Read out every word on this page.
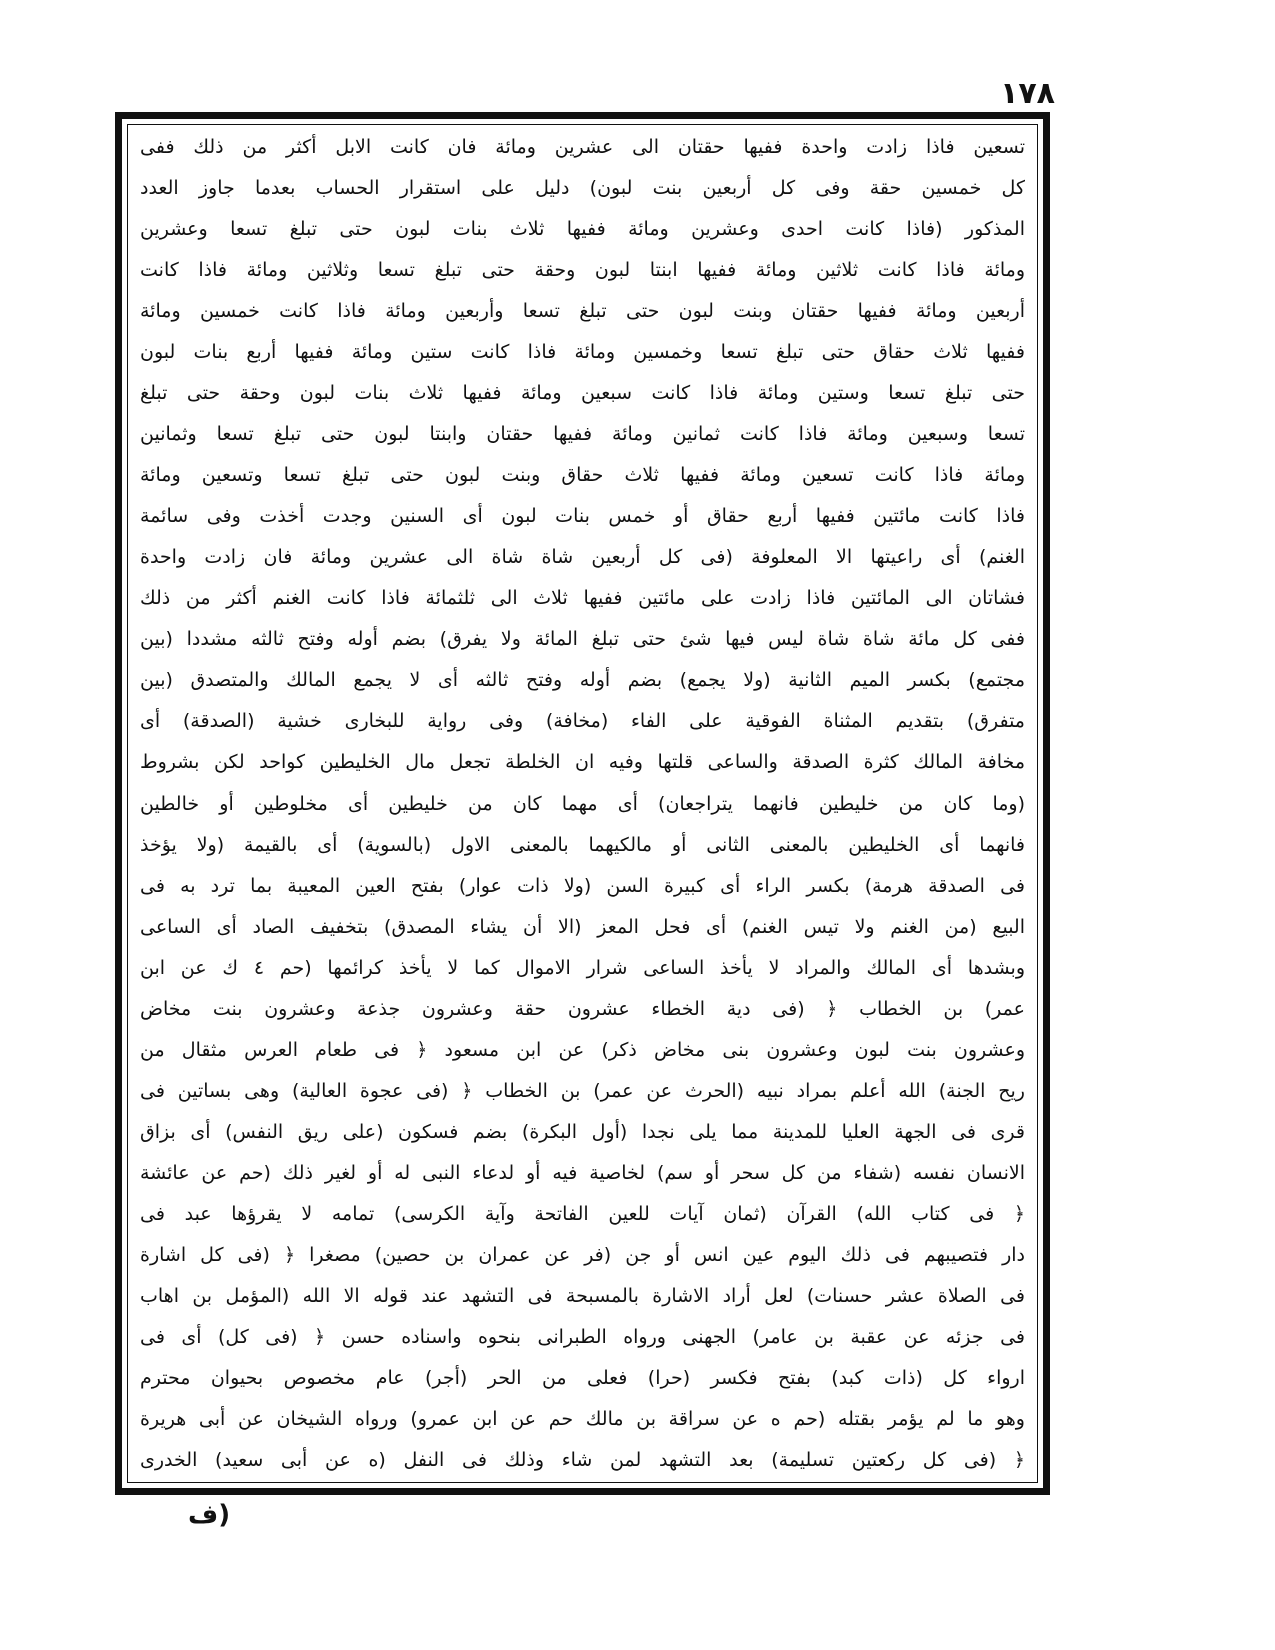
١٧٨
تسعين فاذا زادت واحدة ففيها حقتان الى عشرين ومائة فان كانت الابل أكثر من ذلك ففى
كل خمسين حقة وفى كل أربعين بنت لبون) دليل على استقرار الحساب بعدما جاوز العدد
المذكور (فاذا كانت احدى وعشرين ومائة ففيها ثلاث بنات لبون حتى تبلغ تسعا وعشرين
ومائة فاذا كانت ثلاثين ومائة ففيها ابنتا لبون وحقة حتى تبلغ تسعا وثلاثين ومائة فاذا كانت
أربعين ومائة ففيها حقتان وبنت لبون حتى تبلغ تسعا وأربعين ومائة فاذا كانت خمسين ومائة
ففيها ثلاث حقاق حتى تبلغ تسعا وخمسين ومائة فاذا كانت ستين ومائة ففيها أربع بنات لبون
حتى تبلغ تسعا وستين ومائة فاذا كانت سبعين ومائة ففيها ثلاث بنات لبون وحقة حتى تبلغ
تسعا وسبعين ومائة فاذا كانت ثمانين ومائة ففيها حقتان وابنتا لبون حتى تبلغ تسعا وثمانين
ومائة فاذا كانت تسعين ومائة ففيها ثلاث حقاق وبنت لبون حتى تبلغ تسعا وتسعين ومائة
فاذا كانت مائتين ففيها أربع حقاق أو خمس بنات لبون أى السنين وجدت أخذت وفى سائمة
الغنم) أى راعيتها الا المعلوفة (فى كل أربعين شاة شاة الى عشرين ومائة فان زادت واحدة
فشاتان الى المائتين فاذا زادت على مائتين ففيها ثلاث الى ثلثمائة فاذا كانت الغنم أكثر من ذلك
ففى كل مائة شاة شاة ليس فيها شئ حتى تبلغ المائة ولا يفرق) بضم أوله وفتح ثالثه مشددا (بين
مجتمع) بكسر الميم الثانية (ولا يجمع) بضم أوله وفتح ثالثه أى لا يجمع المالك والمتصدق (بين
متفرق) بتقديم المثناة الفوقية على الفاء (مخافة) وفى رواية للبخارى خشية (الصدقة) أى
مخافة المالك كثرة الصدقة والساعى قلتها وفيه ان الخلطة تجعل مال الخليطين كواحد لكن بشروط
(وما كان من خليطين فانهما يتراجعان) أى مهما كان من خليطين أى مخلوطين أو خالطين
فانهما أى الخليطين بالمعنى الثانى أو مالكيهما بالمعنى الاول (بالسوية) أى بالقيمة (ولا يؤخذ
فى الصدقة هرمة) بكسر الراء أى كبيرة السن (ولا ذات عوار) بفتح العين المعيبة بما ترد به فى
البيع (من الغنم ولا تيس الغنم) أى فحل المعز (الا أن يشاء المصدق) بتخفيف الصاد أى الساعى
وبشدها أى المالك والمراد لا يأخذ الساعى شرار الاموال كما لا يأخذ كرائمها (حم ٤ ك عن ابن
عمر) بن الخطاب ﴿ (فى دية الخطاء عشرون حقة وعشرون جذعة وعشرون بنت مخاض
وعشرون بنت لبون وعشرون بنى مخاض ذكر) عن ابن مسعود ﴿ فى طعام العرس مثقال من
ريح الجنة) الله أعلم بمراد نبيه (الحرث عن عمر) بن الخطاب ﴿ (فى عجوة العالية) وهى بساتين فى
قرى فى الجهة العليا للمدينة مما يلى نجدا (أول البكرة) بضم فسكون (على ريق النفس) أى بزاق
الانسان نفسه (شفاء من كل سحر أو سم) لخاصية فيه أو لدعاء النبى له أو لغير ذلك (حم عن عائشة
﴿ فى كتاب الله) القرآن (ثمان آيات للعين الفاتحة وآية الكرسى) تمامه لا يقرؤها عبد فى
دار فتصيبهم فى ذلك اليوم عين انس أو جن (فر عن عمران بن حصين) مصغرا ﴿ (فى كل اشارة
فى الصلاة عشر حسنات) لعل أراد الاشارة بالمسبحة فى التشهد عند قوله الا الله (المؤمل بن اهاب
فى جزئه عن عقبة بن عامر) الجهنى ورواه الطبرانى بنحوه واسناده حسن ﴿ (فى كل) أى فى
ارواء كل (ذات كبد) بفتح فكسر (حرا) فعلى من الحر (أجر) عام مخصوص بحيوان محترم
وهو ما لم يؤمر بقتله (حم ه عن سراقة بن مالك حم عن ابن عمرو) ورواه الشيخان عن أبى هريرة
﴿ (فى كل ركعتين تسليمة) بعد التشهد لمن شاء وذلك فى النفل (ه عن أبى سعيد) الخدرى
(ف
